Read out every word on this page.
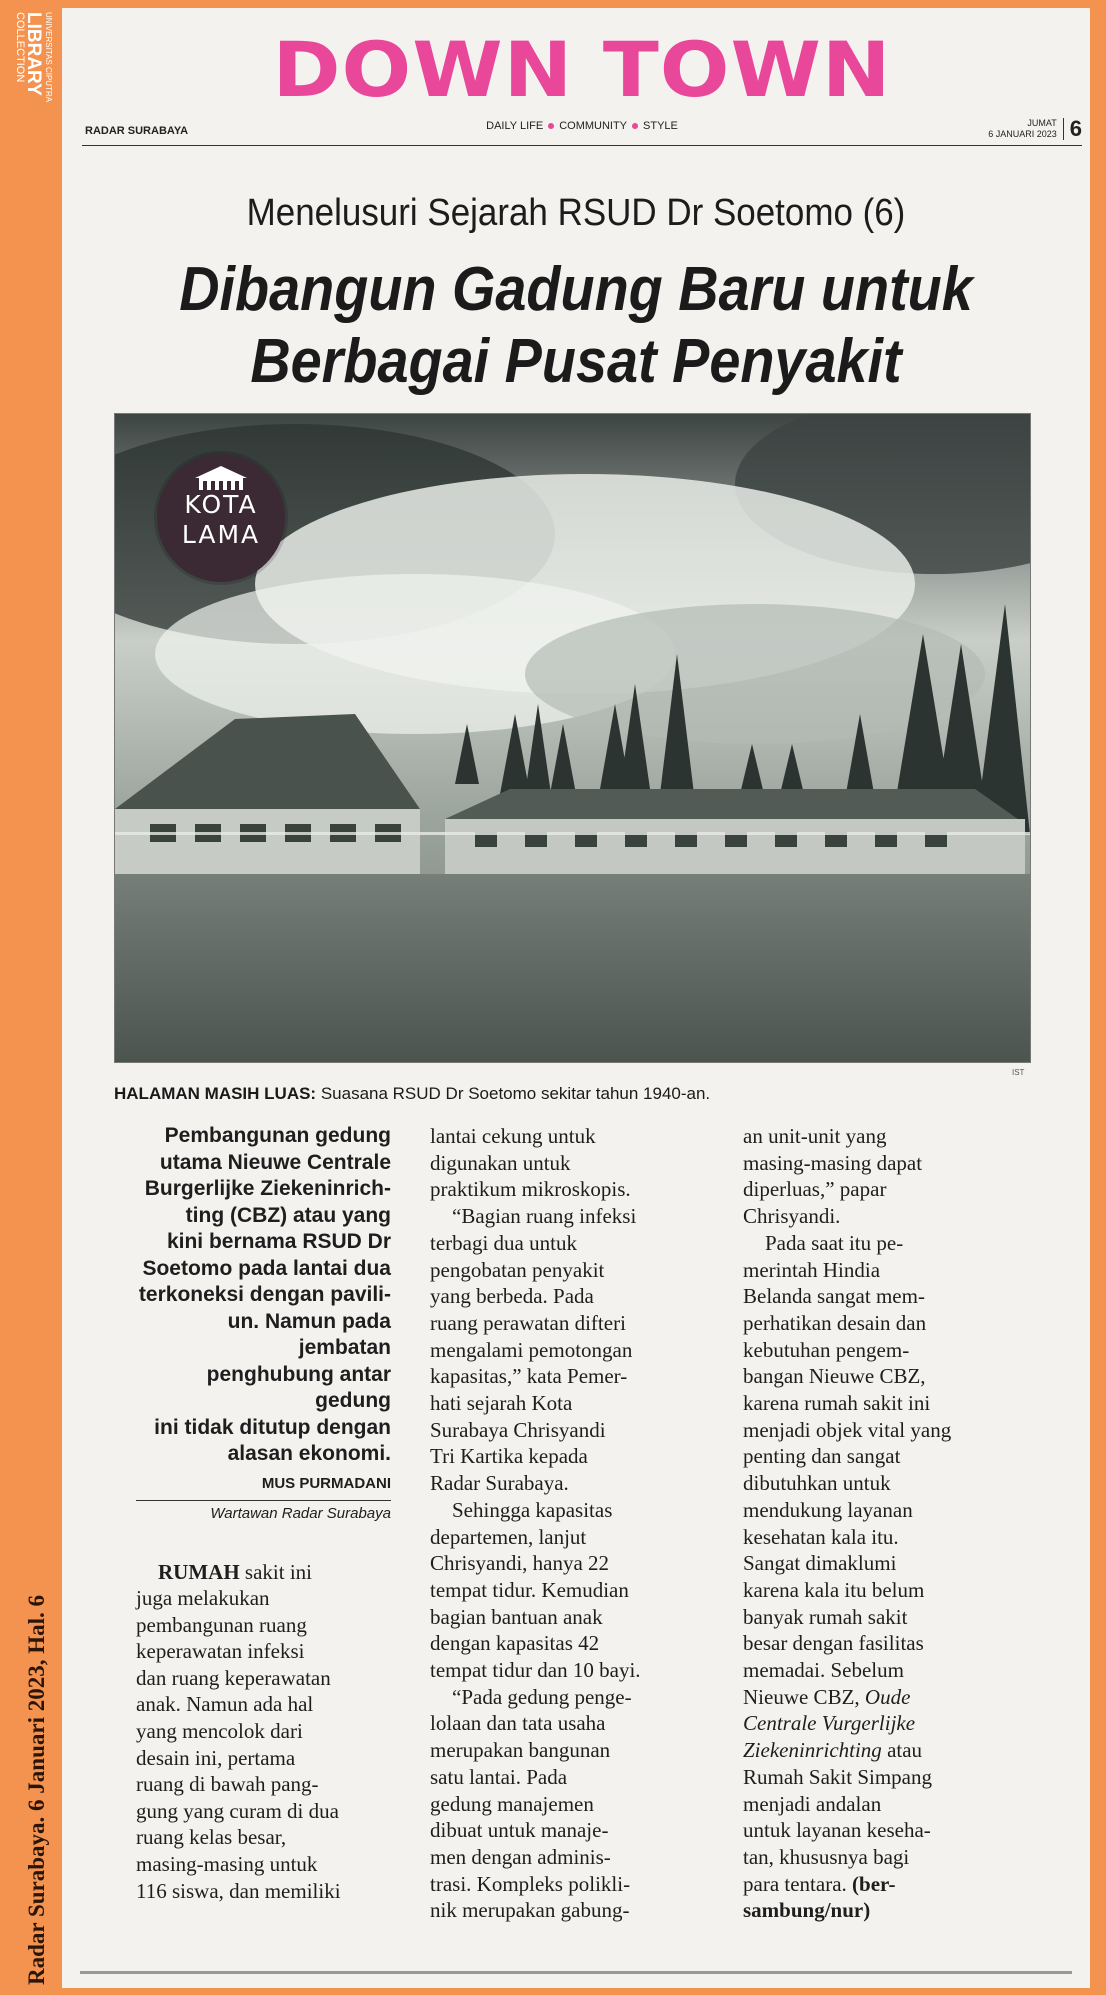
UNIVERSITAS CIPUTRA
LIBRARY
COLLECTION
Radar Surabaya. 6 Januari 2023, Hal. 6
DOWN TOWN
RADAR SURABAYA	DAILY LIFE COMMUNITY STYLE	JUMAT
6 JANUARI 2023 6
Menelusuri Sejarah RSUD Dr Soetomo (6)
Dibangun Gadung Baru untuk
Berbagai Pusat Penyakit
KOTA
LAMA
IST
HALAMAN MASIH LUAS: Suasana RSUD Dr Soetomo sekitar tahun 1940-an.
Pembangunan gedung
utama Nieuwe Centrale
Burgerlijke Ziekeninrich-
ting (CBZ) atau yang
kini bernama RSUD Dr
Soetomo pada lantai dua
terkoneksi dengan pavili-
un. Namun pada jembatan
penghubung antar gedung
ini tidak ditutup dengan
alasan ekonomi.
MUS PURMADANI
Wartawan Radar Surabaya
RUMAH sakit ini
juga melakukan
pembangunan ruang
keperawatan infeksi
dan ruang keperawatan
anak. Namun ada hal
yang mencolok dari
desain ini, pertama
ruang di bawah pang-
gung yang curam di dua
ruang kelas besar,
masing-masing untuk
116 siswa, dan memiliki
lantai cekung untuk
digunakan untuk
praktikum mikroskopis.
“Bagian ruang infeksi
terbagi dua untuk
pengobatan penyakit
yang berbeda. Pada
ruang perawatan difteri
mengalami pemotongan
kapasitas,” kata Pemer-
hati sejarah Kota
Surabaya Chrisyandi
Tri Kartika kepada
Radar Surabaya.
Sehingga kapasitas
departemen, lanjut
Chrisyandi, hanya 22
tempat tidur. Kemudian
bagian bantuan anak
dengan kapasitas 42
tempat tidur dan 10 bayi.
“Pada gedung penge-
lolaan dan tata usaha
merupakan bangunan
satu lantai. Pada
gedung manajemen
dibuat untuk manaje-
men dengan adminis-
trasi. Kompleks polikli-
nik merupakan gabung-
an unit-unit yang
masing-masing dapat
diperluas,” papar
Chrisyandi.
Pada saat itu pe-
merintah Hindia
Belanda sangat mem-
perhatikan desain dan
kebutuhan pengem-
bangan Nieuwe CBZ,
karena rumah sakit ini
menjadi objek vital yang
penting dan sangat
dibutuhkan untuk
mendukung layanan
kesehatan kala itu.
Sangat dimaklumi
karena kala itu belum
banyak rumah sakit
besar dengan fasilitas
memadai. Sebelum
Nieuwe CBZ, Oude
Centrale Vurgerlijke
Ziekeninrichting atau
Rumah Sakit Simpang
menjadi andalan
untuk layanan keseha-
tan, khususnya bagi
para tentara. (ber-
sambung/nur)
